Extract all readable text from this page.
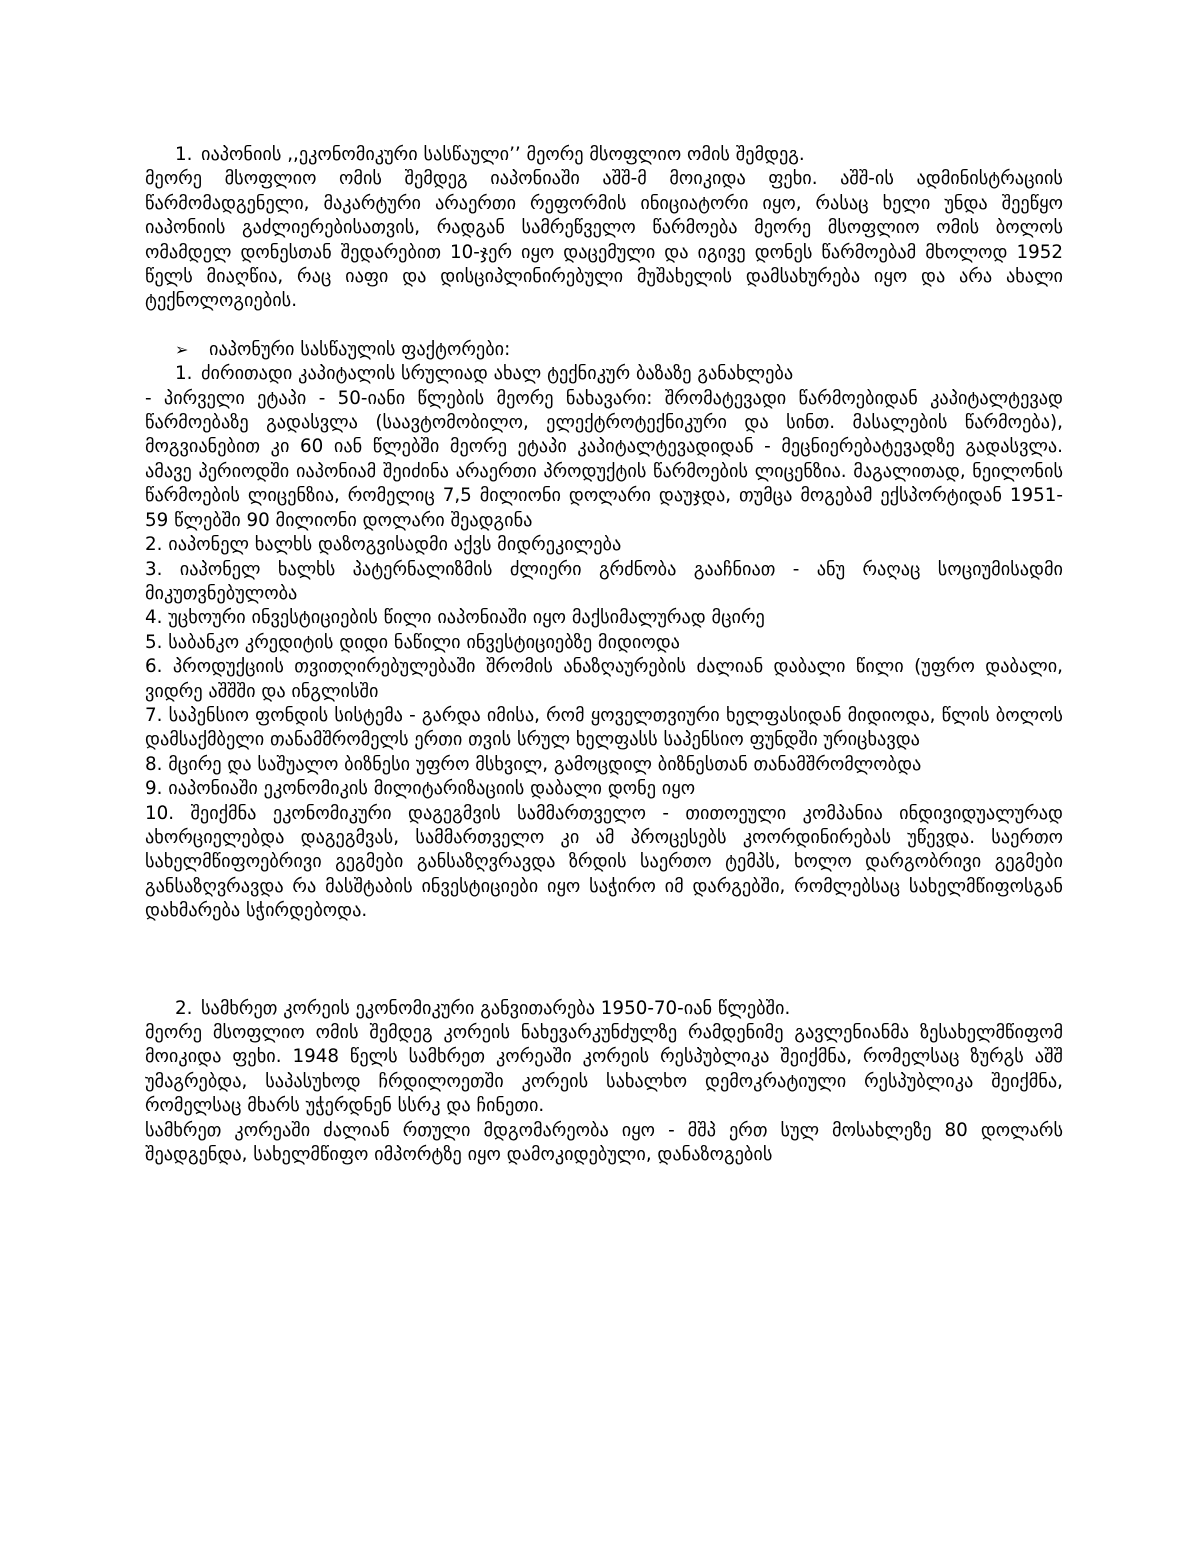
1. იაპონიის ,,ეკონომიკური სასწაული’’ მეორე მსოფლიო ომის შემდეგ.

მეორე მსოფლიო ომის შემდეგ იაპონიაში აშშ-მ მოიკიდა ფეხი. აშშ-ის ადმინისტრაციის წარმომადგენელი, მაკარტური არაერთი რეფორმის ინიციატორი იყო, რასაც ხელი უნდა შეეწყო იაპონიის გაძლიერებისათვის, რადგან სამრეწველო წარმოება მეორე მსოფლიო ომის ბოლოს ომამდელ დონესთან შედარებით 10-ჯერ იყო დაცემული და იგივე დონეს წარმოებამ მხოლოდ 1952 წელს მიაღწია, რაც იაფი და დისციპლინირებული მუშახელის დამსახურება იყო და არა ახალი ტექნოლოგიების.

➢ იაპონური სასწაულის ფაქტორები:

1. ძირითადი კაპიტალის სრულიად ახალ ტექნიკურ ბაზაზე განახლება

- პირველი ეტაპი - 50-იანი წლების მეორე ნახავარი: შრომატევადი წარმოებიდან კაპიტალტევად წარმოებაზე გადასვლა (საავტომობილო, ელექტროტექნიკური და სინთ. მასალების წარმოება), მოგვიანებით კი 60 იან წლებში მეორე ეტაპი კაპიტალტევადიდან - მეცნიერებატევადზე გადასვლა. ამავე პერიოდში იაპონიამ შეიძინა არაერთი პროდუქტის წარმოების ლიცენზია. მაგალითად, ნეილონის წარმოების ლიცენზია, რომელიც 7,5 მილიონი დოლარი დაუჯდა, თუმცა მოგებამ ექსპორტიდან 1951-59 წლებში 90 მილიონი დოლარი შეადგინა

2. იაპონელ ხალხს დაზოგვისადმი აქვს მიდრეკილება

3. იაპონელ ხალხს პატერნალიზმის ძლიერი გრძნობა გააჩნიათ - ანუ რაღაც სოციუმისადმი მიკუთვნებულობა

4. უცხოური ინვესტიციების წილი იაპონიაში იყო მაქსიმალურად მცირე

5. საბანკო კრედიტის დიდი ნაწილი ინვესტიციებზე მიდიოდა

6. პროდუქციის თვითღირებულებაში შრომის ანაზღაურების ძალიან დაბალი წილი (უფრო დაბალი, ვიდრე აშშში და ინგლისში

7. საპენსიო ფონდის სისტემა - გარდა იმისა, რომ ყოველთვიური ხელფასიდან მიდიოდა, წლის ბოლოს დამსაქმბელი თანამშრომელს ერთი თვის სრულ ხელფასს საპენსიო ფუნდში ურიცხავდა

8. მცირე და საშუალო ბიზნესი უფრო მსხვილ, გამოცდილ ბიზნესთან თანამშრომლობდა

9. იაპონიაში ეკონომიკის მილიტარიზაციის დაბალი დონე იყო

10. შეიქმნა ეკონომიკური დაგეგმვის სამმართველო - თითოეული კომპანია ინდივიდუალურად ახორციელებდა დაგეგმვას, სამმართველო კი ამ პროცესებს კოორდინირებას უწევდა. საერთო სახელმწიფოებრივი გეგმები განსაზღვრავდა ზრდის საერთო ტემპს, ხოლო დარგობრივი გეგმები განსაზღვრავდა რა მასშტაბის ინვესტიციები იყო საჭირო იმ დარგებში, რომლებსაც სახელმწიფოსგან დახმარება სჭირდებოდა.

2. სამხრეთ კორეის ეკონომიკური განვითარება 1950-70-იან წლებში.

მეორე მსოფლიო ომის შემდეგ კორეის ნახევარკუნძულზე რამდენიმე გავლენიანმა ზესახელმწიფომ მოიკიდა ფეხი. 1948 წელს სამხრეთ კორეაში კორეის რესპუბლიკა შეიქმნა, რომელსაც ზურგს აშშ უმაგრებდა, საპასუხოდ ჩრდილოეთში კორეის სახალხო დემოკრატიული რესპუბლიკა შეიქმნა, რომელსაც მხარს უჭერდნენ სსრკ და ჩინეთი.

სამხრეთ კორეაში ძალიან რთული მდგომარეობა იყო - მშპ ერთ სულ მოსახლეზე 80 დოლარს შეადგენდა, სახელმწიფო იმპორტზე იყო დამოკიდებული, დანაზოგების
